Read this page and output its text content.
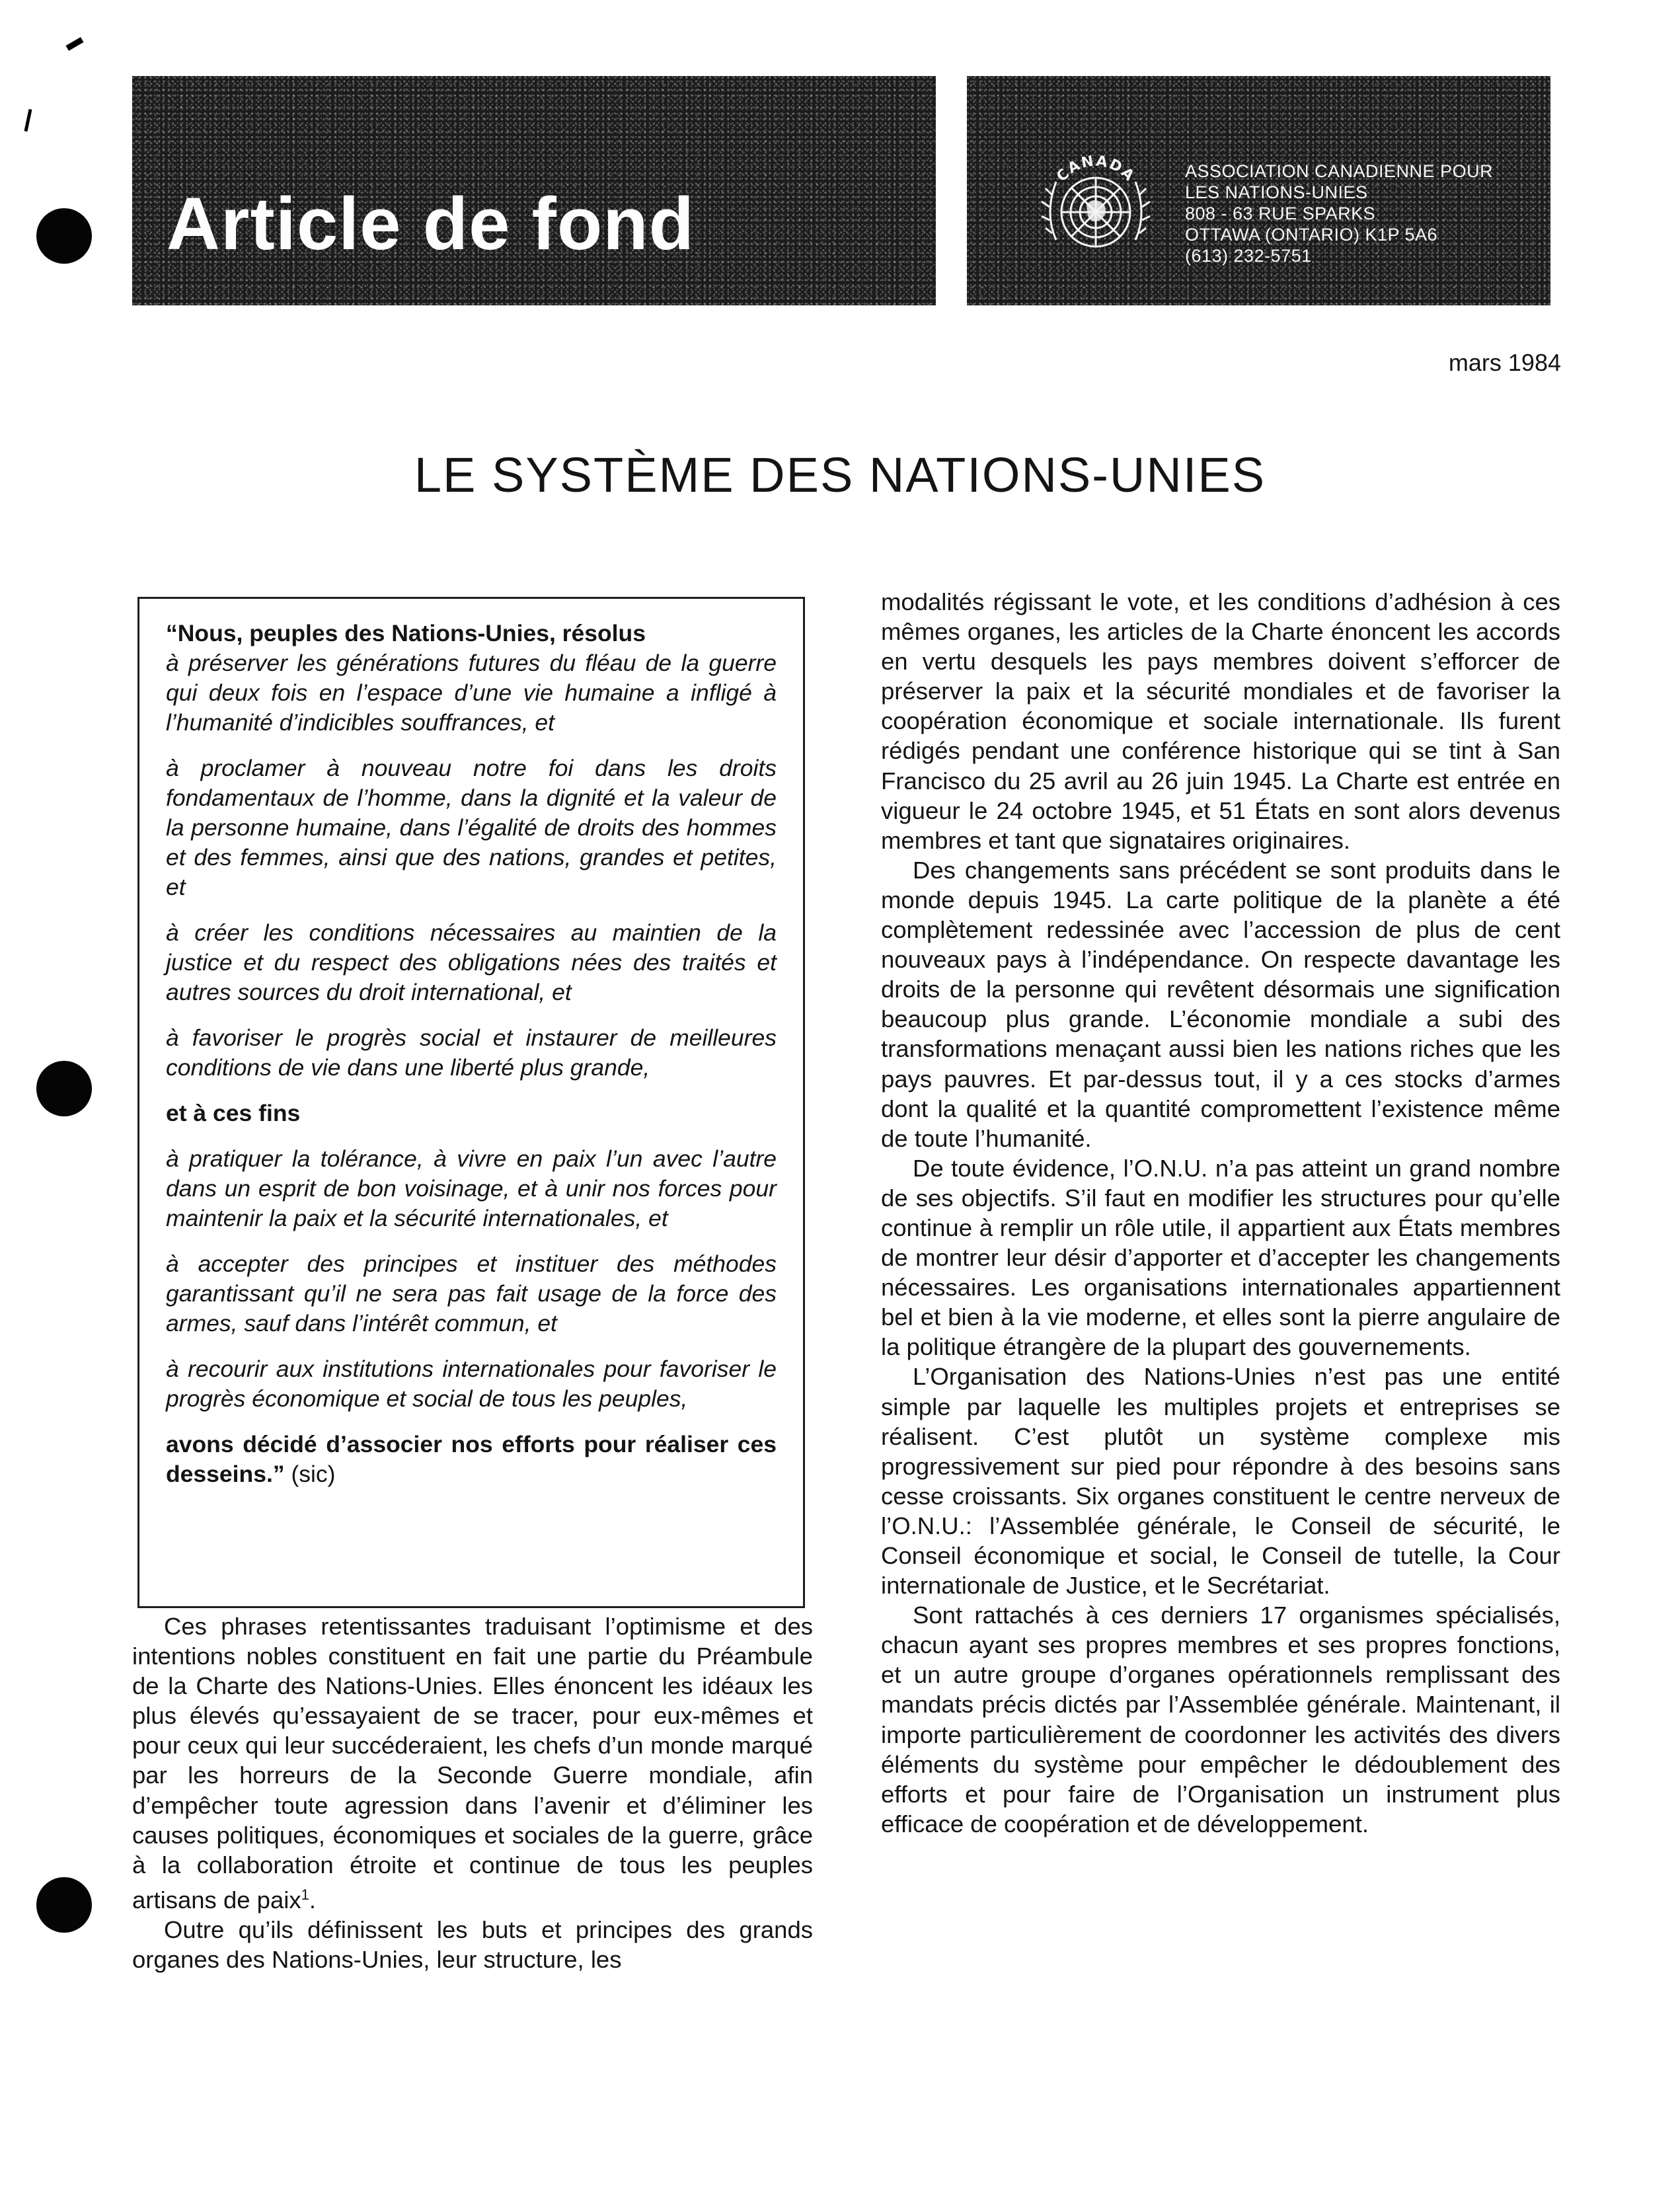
Article de fond
CANADA	ASSOCIATION CANADIENNE POUR
LES NATIONS-UNIES
808 - 63 RUE SPARKS
OTTAWA (ONTARIO) K1P 5A6
(613) 232-5751
mars 1984
LE SYSTÈME DES NATIONS-UNIES

“Nous, peuples des Nations-Unies, résolus

à préserver les générations futures du fléau de la guerre qui deux fois en l’espace d’une vie humaine a infligé à l’humanité d’indicibles souffrances, et

à proclamer à nouveau notre foi dans les droits fondamentaux de l’homme, dans la dignité et la valeur de la personne humaine, dans l’égalité de droits des hommes et des femmes, ainsi que des nations, grandes et petites, et

à créer les conditions nécessaires au maintien de la justice et du respect des obligations nées des traités et autres sources du droit international, et

à favoriser le progrès social et instaurer de meilleures conditions de vie dans une liberté plus grande,

et à ces fins

à pratiquer la tolérance, à vivre en paix l’un avec l’autre dans un esprit de bon voisinage, et à unir nos forces pour maintenir la paix et la sécurité internationales, et

à accepter des principes et instituer des méthodes garantissant qu’il ne sera pas fait usage de la force des armes, sauf dans l’intérêt commun, et

à recourir aux institutions internationales pour favoriser le progrès économique et social de tous les peuples,

avons décidé d’associer nos efforts pour réaliser ces desseins.” (sic)

Ces phrases retentissantes traduisant l’optimisme et des intentions nobles constituent en fait une partie du Préambule de la Charte des Nations-Unies. Elles énoncent les idéaux les plus élevés qu’essayaient de se tracer, pour eux-mêmes et pour ceux qui leur succéderaient, les chefs d’un monde marqué par les horreurs de la Seconde Guerre mondiale, afin d’empêcher toute agression dans l’avenir et d’éliminer les causes politiques, économiques et sociales de la guerre, grâce à la collaboration étroite et continue de tous les peuples artisans de paix$^1$.

Outre qu’ils définissent les buts et principes des grands organes des Nations-Unies, leur structure, les

modalités régissant le vote, et les conditions d’adhésion à ces mêmes organes, les articles de la Charte énoncent les accords en vertu desquels les pays membres doivent s’efforcer de préserver la paix et la sécurité mondiales et de favoriser la coopération économique et sociale internationale. Ils furent rédigés pendant une conférence historique qui se tint à San Francisco du 25 avril au 26 juin 1945. La Charte est entrée en vigueur le 24 octobre 1945, et 51 États en sont alors devenus membres et tant que signataires originaires.

Des changements sans précédent se sont produits dans le monde depuis 1945. La carte politique de la planète a été complètement redessinée avec l’accession de plus de cent nouveaux pays à l’indépendance. On respecte davantage les droits de la personne qui revêtent désormais une signification beaucoup plus grande. L’économie mondiale a subi des transformations menaçant aussi bien les nations riches que les pays pauvres. Et par-dessus tout, il y a ces stocks d’armes dont la qualité et la quantité compromettent l’existence même de toute l’humanité.

De toute évidence, l’O.N.U. n’a pas atteint un grand nombre de ses objectifs. S’il faut en modifier les structures pour qu’elle continue à remplir un rôle utile, il appartient aux États membres de montrer leur désir d’apporter et d’accepter les changements nécessaires. Les organisations internationales appartiennent bel et bien à la vie moderne, et elles sont la pierre angulaire de la politique étrangère de la plupart des gouvernements.

L’Organisation des Nations-Unies n’est pas une entité simple par laquelle les multiples projets et entreprises se réalisent. C’est plutôt un système complexe mis progressivement sur pied pour répondre à des besoins sans cesse croissants. Six organes constituent le centre nerveux de l’O.N.U.: l’Assemblée générale, le Conseil de sécurité, le Conseil économique et social, le Conseil de tutelle, la Cour internationale de Justice, et le Secrétariat.

Sont rattachés à ces derniers 17 organismes spécialisés, chacun ayant ses propres membres et ses propres fonctions, et un autre groupe d’organes opérationnels remplissant des mandats précis dictés par l’Assemblée générale. Maintenant, il importe particulièrement de coordonner les activités des divers éléments du système pour empêcher le dédoublement des efforts et pour faire de l’Organisation un instrument plus efficace de coopération et de développement.
